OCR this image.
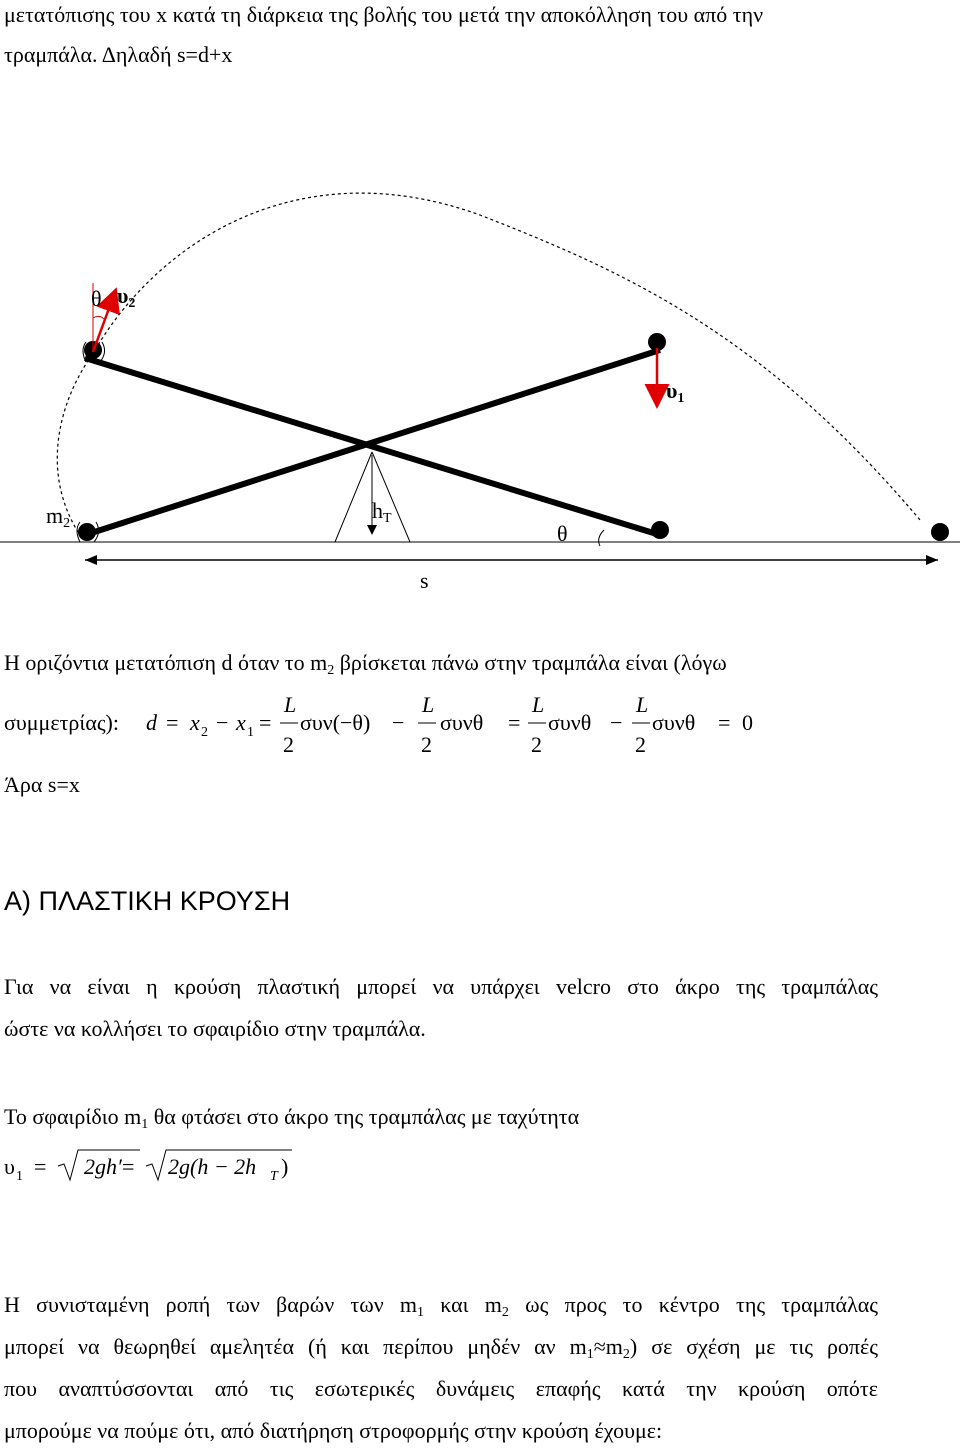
μετατόπισης του x κατά τη διάρκεια της βολής του μετά την αποκόλληση του από την
τραμπάλα. Δηλαδή s=d+x
θ υ2
υ1
m2
hT
θ
s
Η οριζόντια μετατόπιση d όταν το $m_2$ βρίσκεται πάνω στην τραμπάλα είναι (λόγω
συμμετρίας): d = x 2 − x 1 =
L
2
συν(−θ) −
L
2
συνθ =
L
2
συνθ −
L
2
συνθ = 0
Άρα s=x
Α) ΠΛΑΣΤΙΚΗ ΚΡΟΥΣΗ
Για να είναι η κρούση πλαστική μπορεί να υπάρχει velcro στο άκρο της τραμπάλας
ώστε να κολλήσει το σφαιρίδιο στην τραμπάλα.
Το σφαιρίδιο $m_1$ θα φτάσει στο άκρο της τραμπάλας με ταχύτητα
υ 1 = 2gh′ = 2g(h − 2h T )
Η συνισταμένη ροπή των βαρών των $m_1$ και $m_2$ ως προς το κέντρο της τραμπάλας
μπορεί να θεωρηθεί αμελητέα (ή και περίπου μηδέν αν $m_1\approx m_2$) σε σχέση με τις ροπές
που αναπτύσσονται από τις εσωτερικές δυνάμεις επαφής κατά την κρούση οπότε
μπορούμε να πούμε ότι, από διατήρηση στροφορμής στην κρούση έχουμε:
